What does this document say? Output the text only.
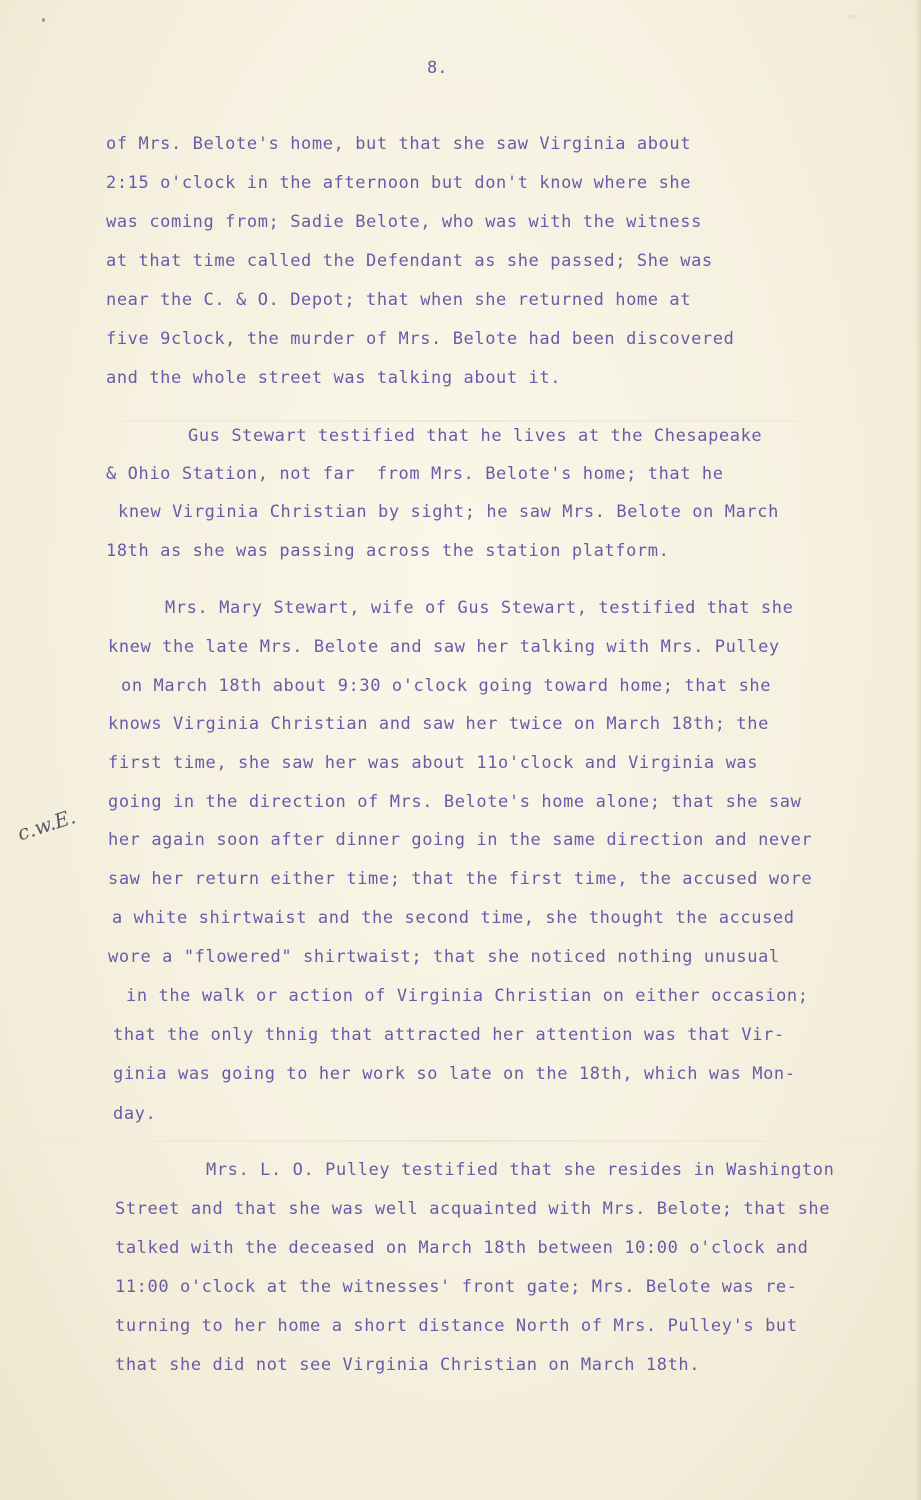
8.
c.w.E.
of Mrs. Belote's home, but that she saw Virginia about
2:15 o'clock in the afternoon but don't know where she
was coming from; Sadie Belote, who was with the witness
at that time called the Defendant as she passed; She was
near the C. & O. Depot; that when she returned home at
five 9clock, the murder of Mrs. Belote had been discovered
and the whole street was talking about it.
Gus Stewart testified that he lives at the Chesapeake
& Ohio Station, not far  from Mrs. Belote's home; that he
knew Virginia Christian by sight; he saw Mrs. Belote on March
18th as she was passing across the station platform.
Mrs. Mary Stewart, wife of Gus Stewart, testified that she
knew the late Mrs. Belote and saw her talking with Mrs. Pulley
on March 18th about 9:30 o'clock going toward home; that she
knows Virginia Christian and saw her twice on March 18th; the
first time, she saw her was about 11o'clock and Virginia was
going in the direction of Mrs. Belote's home alone; that she saw
her again soon after dinner going in the same direction and never
saw her return either time; that the first time, the accused wore
a white shirtwaist and the second time, she thought the accused
wore a "flowered" shirtwaist; that she noticed nothing unusual
in the walk or action of Virginia Christian on either occasion;
that the only thnig that attracted her attention was that Vir-
ginia was going to her work so late on the 18th, which was Mon-
day.
Mrs. L. O. Pulley testified that she resides in Washington
Street and that she was well acquainted with Mrs. Belote; that she
talked with the deceased on March 18th between 10:00 o'clock and
11:00 o'clock at the witnesses' front gate; Mrs. Belote was re-
turning to her home a short distance North of Mrs. Pulley's but
that she did not see Virginia Christian on March 18th.
